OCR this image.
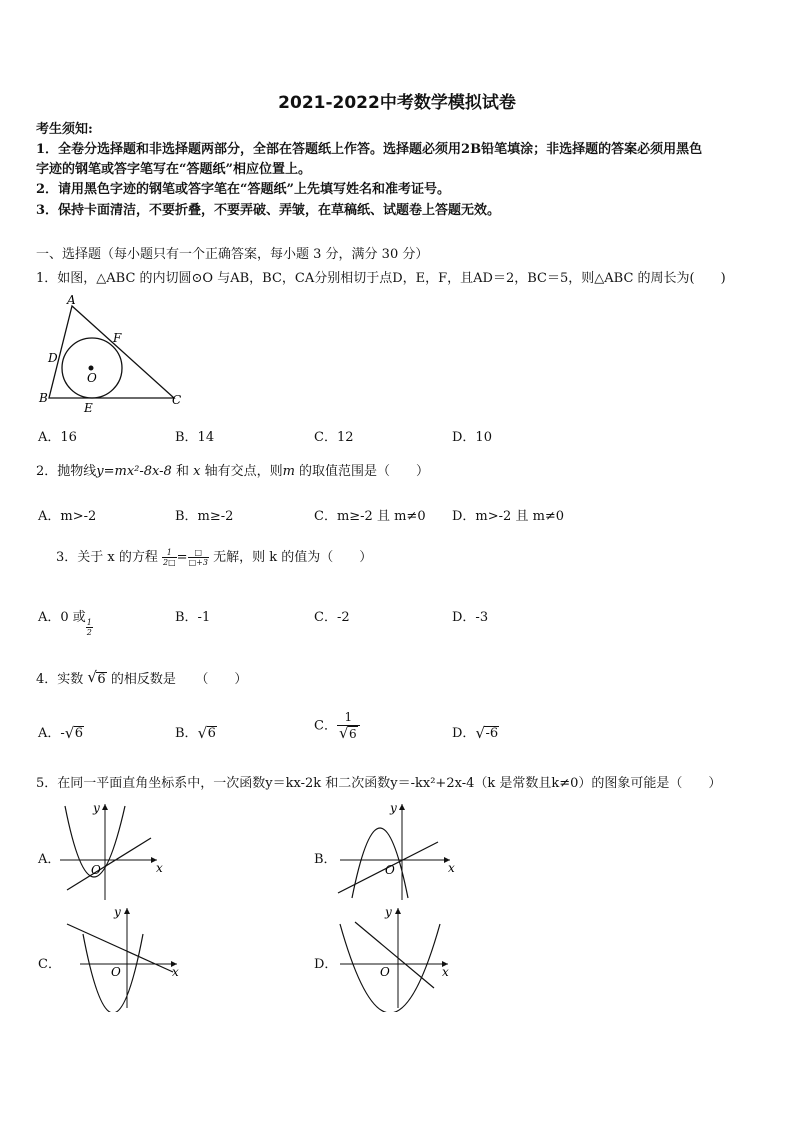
2021-2022中考数学模拟试卷
考生须知:
1．全卷分选择题和非选择题两部分，全部在答题纸上作答。选择题必须用2B铅笔填涂；非选择题的答案必须用黑色
字迹的钢笔或答字笔写在“答题纸”相应位置上。
2．请用黑色字迹的钢笔或答字笔在“答题纸”上先填写姓名和准考证号。
3．保持卡面清洁，不要折叠，不要弄破、弄皱，在草稿纸、试题卷上答题无效。
一、选择题（每小题只有一个正确答案，每小题 3 分，满分 30 分）
1．如图，△ABC 的内切圆⊙O 与AB，BC，CA分别相切于点D，E，F，且AD＝2，BC＝5，则△ABC 的周长为(　　)
A
B	C
D
E
F
O
A．16	B．14	C．12	D．10
2．抛物线y=mx²-8x-8 和 x 轴有交点，则m 的取值范围是（　　）
A．m>-2	B．m≥-2	C．m≥-2 且 m≠0 D．m>-2 且 m≠0
3．关于 x 的方程 $\frac{1}{2□} = \frac{□}{□+3}$ 无解，则 k 的值为（　　）
A．0 或
$\frac{1}{2}$
B．-1	C．-2	D．-3
4．实数 √ 6 的相反数是　　（　　）
A．- √ 6	B． √ 6	C． $\frac{1}{√ 6}$	D． √ -6
5．在同一平面直角坐标系中，一次函数y＝kx-2k 和二次函数y＝-kx²+2x-4（k 是常数且k≠0）的图象可能是（　　）
A．	B．
C．	D．
x
y
O	x
y
O
x
y
O	x
y
O
